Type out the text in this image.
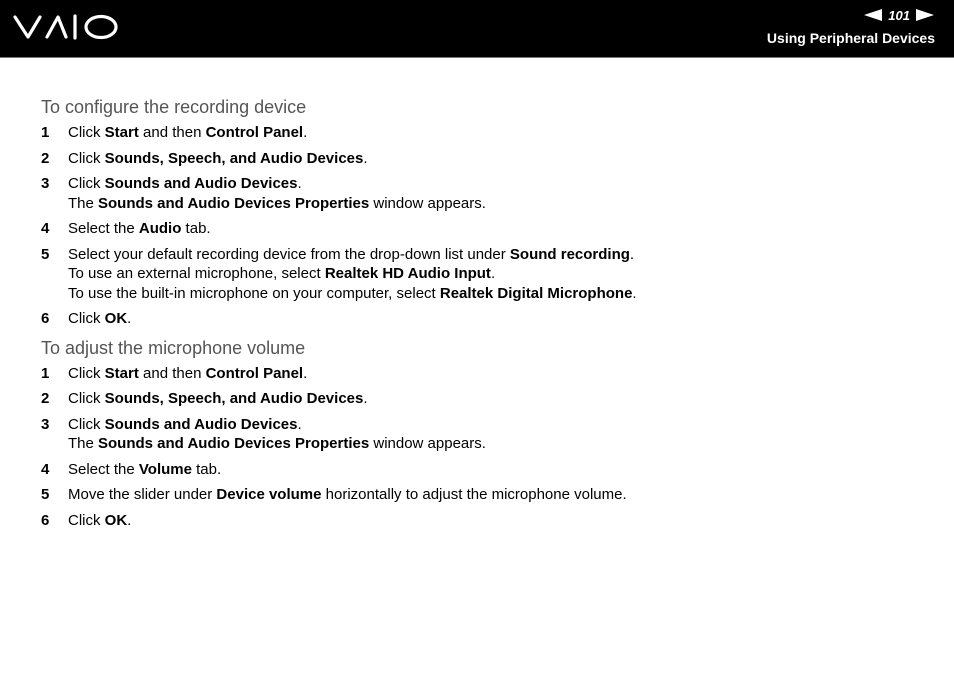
101
Using Peripheral Devices
To configure the recording device
1	Click Start and then Control Panel.
2	Click Sounds, Speech, and Audio Devices.
3	Click Sounds and Audio Devices.
The Sounds and Audio Devices Properties window appears.
4	Select the Audio tab.
5	Select your default recording device from the drop-down list under Sound recording.
To use an external microphone, select Realtek HD Audio Input.
To use the built-in microphone on your computer, select Realtek Digital Microphone.
6	Click OK.
To adjust the microphone volume
1	Click Start and then Control Panel.
2	Click Sounds, Speech, and Audio Devices.
3	Click Sounds and Audio Devices.
The Sounds and Audio Devices Properties window appears.
4	Select the Volume tab.
5	Move the slider under Device volume horizontally to adjust the microphone volume.
6	Click OK.
